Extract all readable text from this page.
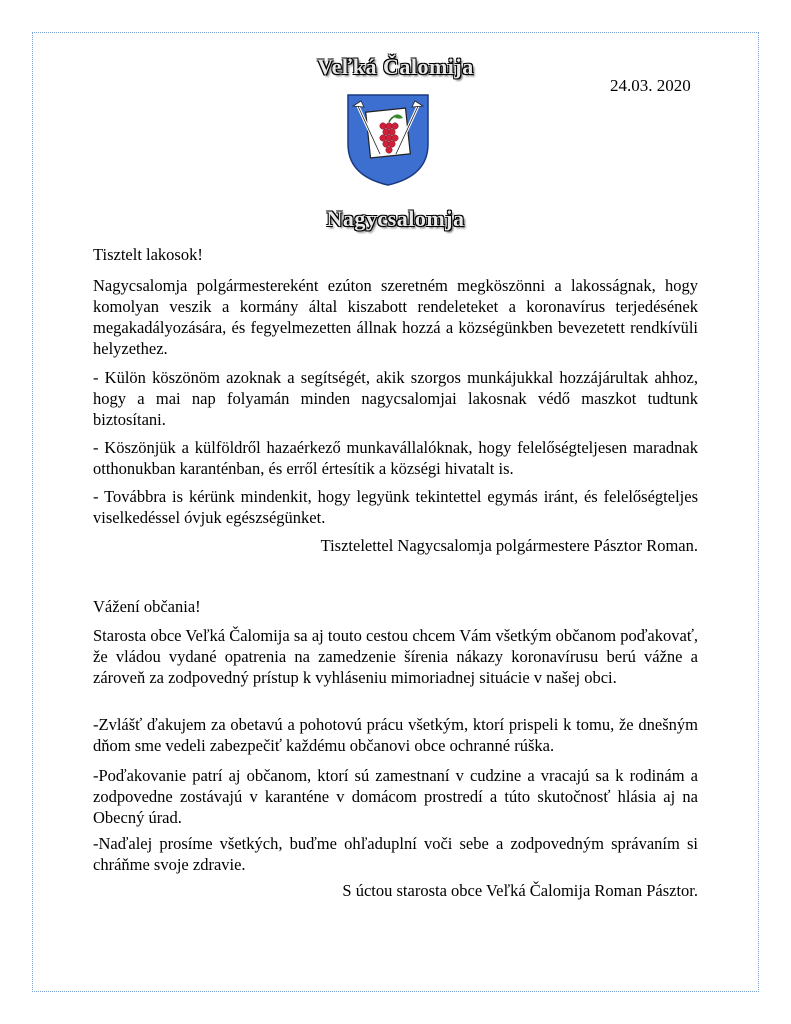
Veľká Čalomija
24.03. 2020
Nagycsalomja
Tisztelt lakosok!
Nagycsalomja polgármestereként ezúton szeretném megköszönni a lakosságnak, hogy komolyan veszik a kormány által kiszabott rendeleteket a koronavírus terjedésének megakadályozására, és fegyelmezetten állnak hozzá a községünkben bevezetett rendkívüli helyzethez.
- Külön köszönöm azoknak a segítségét, akik szorgos munkájukkal hozzájárultak ahhoz, hogy a mai nap folyamán minden nagycsalomjai lakosnak védő maszkot tudtunk biztosítani.
- Köszönjük a külföldről hazaérkező munkavállalóknak, hogy felelőségteljesen maradnak otthonukban karanténban, és erről értesítik a községi hivatalt is.
- Továbbra is kérünk mindenkit, hogy legyünk tekintettel egymás iránt, és felelőségteljes viselkedéssel óvjuk egészségünket.
Tisztelettel Nagycsalomja polgármestere Pásztor Roman.
Vážení občania!
Starosta obce Veľká Čalomija sa aj touto cestou chcem Vám všetkým občanom poďakovať, že vládou vydané opatrenia na zamedzenie šírenia nákazy koronavírusu berú vážne a zároveň za zodpovedný prístup k vyhláseniu mimoriadnej situácie v našej obci.
-Zvlášť ďakujem za obetavú a pohotovú prácu všetkým, ktorí prispeli k tomu, že dnešným dňom sme vedeli zabezpečiť každému občanovi obce ochranné rúška.
-Poďakovanie patrí aj občanom, ktorí sú zamestnaní v cudzine a vracajú sa k rodinám a zodpovedne zostávajú v karanténe v domácom prostredí a túto skutočnosť hlásia aj na Obecný úrad.
-Naďalej prosíme všetkých, buďme ohľaduplní voči sebe a zodpovedným správaním si chráňme svoje zdravie.
S úctou starosta obce Veľká Čalomija Roman Pásztor.
